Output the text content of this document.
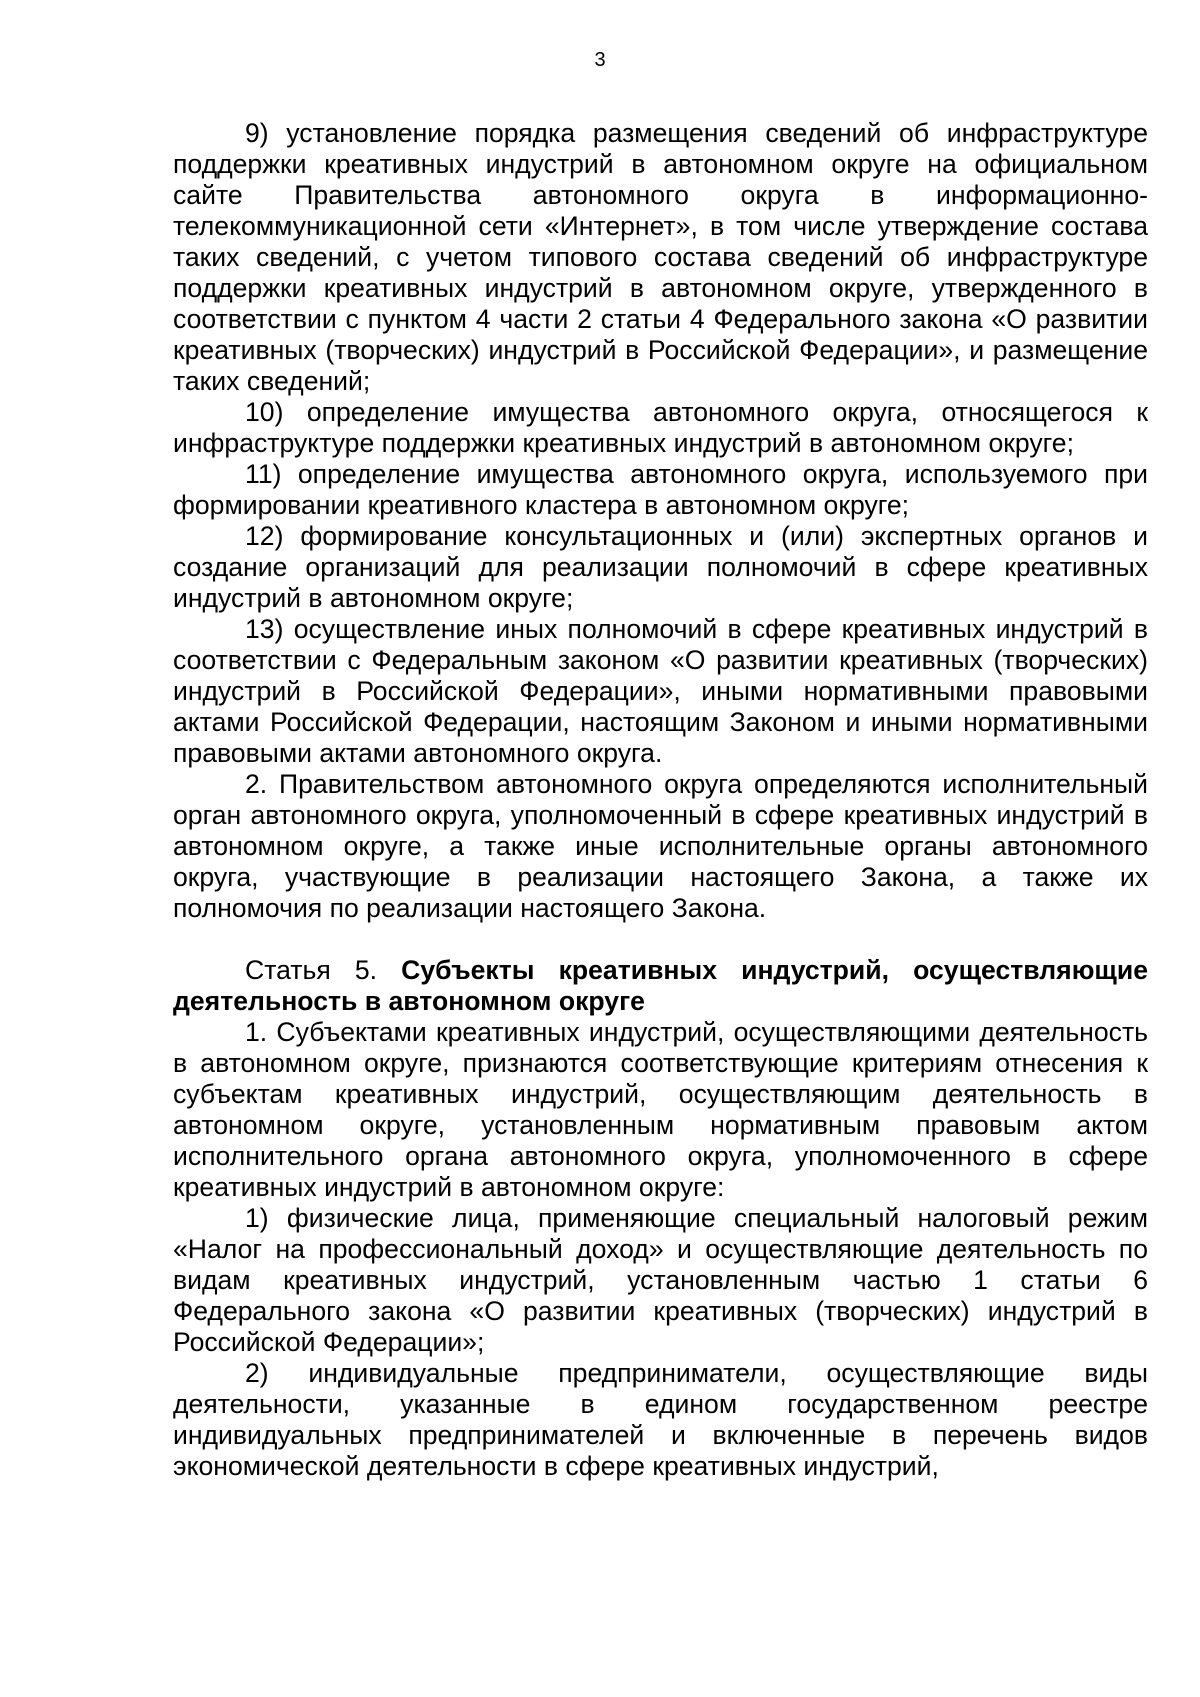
3

9) установление порядка размещения сведений об инфраструктуре поддержки креативных индустрий в автономном округе на официальном сайте Правительства автономного округа в информационно-телекоммуникационной сети «Интернет», в том числе утверждение состава таких сведений, с учетом типового состава сведений об инфраструктуре поддержки креативных индустрий в автономном округе, утвержденного в соответствии с пунктом 4 части 2 статьи 4 Федерального закона «О развитии креативных (творческих) индустрий в Российской Федерации», и размещение таких сведений;

10) определение имущества автономного округа, относящегося к инфраструктуре поддержки креативных индустрий в автономном округе;

11) определение имущества автономного округа, используемого при формировании креативного кластера в автономном округе;

12) формирование консультационных и (или) экспертных органов и создание организаций для реализации полномочий в сфере креативных индустрий в автономном округе;

13) осуществление иных полномочий в сфере креативных индустрий в соответствии с Федеральным законом «О развитии креативных (творческих) индустрий в Российской Федерации», иными нормативными правовыми актами Российской Федерации, настоящим Законом и иными нормативными правовыми актами автономного округа.

2. Правительством автономного округа определяются исполнительный орган автономного округа, уполномоченный в сфере креативных индустрий в автономном округе, а также иные исполнительные органы автономного округа, участвующие в реализации настоящего Закона, а также их полномочия по реализации настоящего Закона.

Статья 5. Субъекты креативных индустрий, осуществляющие деятельность в автономном округе

1. Субъектами креативных индустрий, осуществляющими деятельность в автономном округе, признаются соответствующие критериям отнесения к субъектам креативных индустрий, осуществляющим деятельность в автономном округе, установленным нормативным правовым актом исполнительного органа автономного округа, уполномоченного в сфере креативных индустрий в автономном округе:

1) физические лица, применяющие специальный налоговый режим «Налог на профессиональный доход» и осуществляющие деятельность по видам креативных индустрий, установленным частью 1 статьи 6 Федерального закона «О развитии креативных (творческих) индустрий в Российской Федерации»;

2) индивидуальные предприниматели, осуществляющие виды деятельности, указанные в едином государственном реестре индивидуальных предпринимателей и включенные в перечень видов экономической деятельности в сфере креативных индустрий,
